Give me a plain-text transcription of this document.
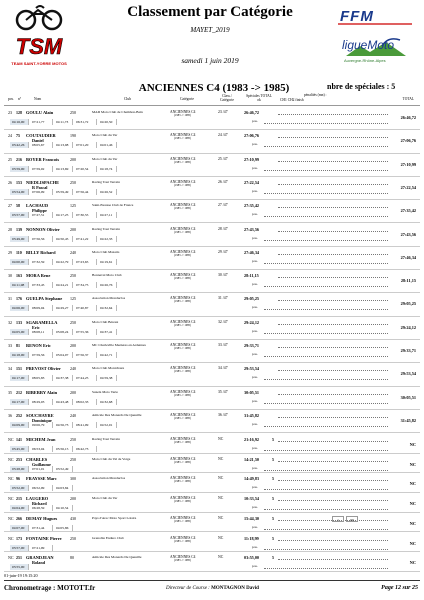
TSM
TEAM SAINT-YORRE MOTOS
Classement par Catégorie
MAYET_2019
samedi 1 juin 2019
FFM
ligueMoto
Auvergne-Rhône-Alpes
ANCIENNES C4 (1983 -> 1985)	nbre de spéciales : 5
pos. n°	Nom	Club	Catégorie
Class./ Catégorie
Spéciales TOTAL ok
pénalités (mn) :
CH1 CH2 finish	TOTAL
23 128 GOULU Alain	250	MAD Moto Club de Chambon-Bain	ANCIENNES C4
(1983 -> 1985)
23 /47	26:46,72
26:46,72
pos.
04:16,00	07:21,77	04:11,73	06:31,72	04:20,50
24 75 COUTAUDIER
Daniel
190	Moto Club du Var	ANCIENNES C4
(1983 -> 1985)
24 /47	27:06,76
27:06,76
pos.
03:42,26	08:05,67	04:13,98	07:01,20	04:01,46
25 216 BOYER Francois	200	Moto Club du Var	ANCIENNES C4
(1983 -> 1985)
25 /47	27:10,99
27:10,99
pos.
03:59,00	07:59,02	04:13,69	07:20,54	04:18,74
26 153 NIEDLISPACHE
R Pascal
250	Racing Tout Terrain	ANCIENNES C4
(1983 -> 1985)
26 /47	27:22,54
27:22,54
pos.
03:54,00	07:06,09	05:59,49	07:56,44	04:26,52
27 58 LACHAUD
Philippe
125	Saint-Eustase Club de France	ANCIENNES C4
(1983 -> 1985)
27 /47	27:35,42
27:35,42
pos.
03:57,00	07:27,51	04:17,25	07:30,55	04:27,11
28 139 NONNON Olivier	200	Racing Tout Terrain	ANCIENNES C4
(1983 -> 1985)
28 /47	27:43,56
27:43,56
pos.
03:49,00	07:56,56	04:50,45	07:41,22	04:22,33
29 110 BILLY Richard	240	Moto Club Mazaris	ANCIENNES C4
(1983 -> 1985)
29 /47	27:46,34
27:46,34
pos.
04:00,00	07:32,59	04:22,79	07:23,65	04:19,61
30 163 MORA Rene	250	Bonneval Moto Club	ANCIENNES C4
(1983 -> 1985)
30 /47	28:11,15
28:11,15
pos.
04:11,98	07:33,45	04:24,21	07:34,75	04:26,76
31 176 GUELPA Stephane 125	Association Monduclos	ANCIENNES C4
(1983 -> 1985)
31 /47	29:05,25
29:05,25
pos.
04:06,00	08:09,04	04:29,27	07:40,87	04:32,64
32 133 SGARAMELLA
Eric
250	Moto Club Béreux	ANCIENNES C4
(1983 -> 1985)
32 /47	29:24,12
29:24,12
pos.
04:05,00	08:08,11	05:08,24	07:55,36	04:37,41
33 81 RENON Eric	200	MC Charleville Mezieres en Ardennes	ANCIENNES C4
(1983 -> 1985)
33 /47	29:33,71
29:33,71
pos.
04:18,00	07:59,56	05:04,07	07:56,37	04:42,71
34 151 PREVOST Olivier 240	Moto Club Montchaux	ANCIENNES C4
(1983 -> 1985)
34 /47	29:53,54
29:53,54
pos.
04:17,00	08:05,83	04:37,38	07:44,25	04:59,38
35 212 RIBERRY Alain	200	Suzela Moto Verte	ANCIENNES C4
(1983 -> 1985)
35 /47	30:05,51
30:05,51
pos.
04:17,00	08:29,03	04:43,48	08:02,33	04:32,68
36 252 SOUCHAYRE
Dominique
240	Amicale Des Monards De Queuille	ANCIENNES C4
(1983 -> 1985)
36 /47	31:45,82
31:45,82
pos.
04:09,00	09:06,79	04:56,73	08:41,09	04:52,01
NC 141 MICHEM Jean	250	Racing Tout Terrain	ANCIENNES C4
(1983 -> 1985)
NC	21:16,92	5
NC
pos.
03:45,00	06:53,04	05:56,15	06:42,73
NC 253 CHARLES
Guillaume
250	Moto Club du Val de Vorge	ANCIENNES C4
(1983 -> 1985)
NC	14:21,50	5
NC
pos.
03:28,00	07:01,01	03:52,49
NC 96 FRAYSSE Marc	300	Association Monduclos	ANCIENNES C4
(1983 -> 1985)
NC	14:49,83	5
NC
pos.
03:52,00	06:52,99	04:03,84
NC 215 LAUGERO
Richard
200	Moto Club du Var	ANCIENNES C4
(1983 -> 1985)
NC	10:33,54	5
NC
pos.
04:04,00	06:28,59	04:10,54
NC 266 DEMAY Hugues	430	Pays d'Arac Moto Sport Loisirs	ANCIENNES C4
(1983 -> 1985)
NC	15:44,30	5
NC
1	60
pos.
04:07,00	07:31,44	04:05,86
NC 173 FONTAINE Pierre 250	Grenoble Enduro Club	ANCIENNES C4
(1983 -> 1985)
NC	11:18,99	5
NC
pos.
03:57,00	07:21,99
NC 251 GRANDJEAN
Roland
80	Amicale Des Monards De Queuille	ANCIENNES C4
(1983 -> 1985)
NC	03:55,00	5
NC
pos.
03:55,00
01-juin-19 19:15:20
Chronometrage : MOTOTT.fr	Directeur de Course : MONTAGNON David	Page 12 sur 25
